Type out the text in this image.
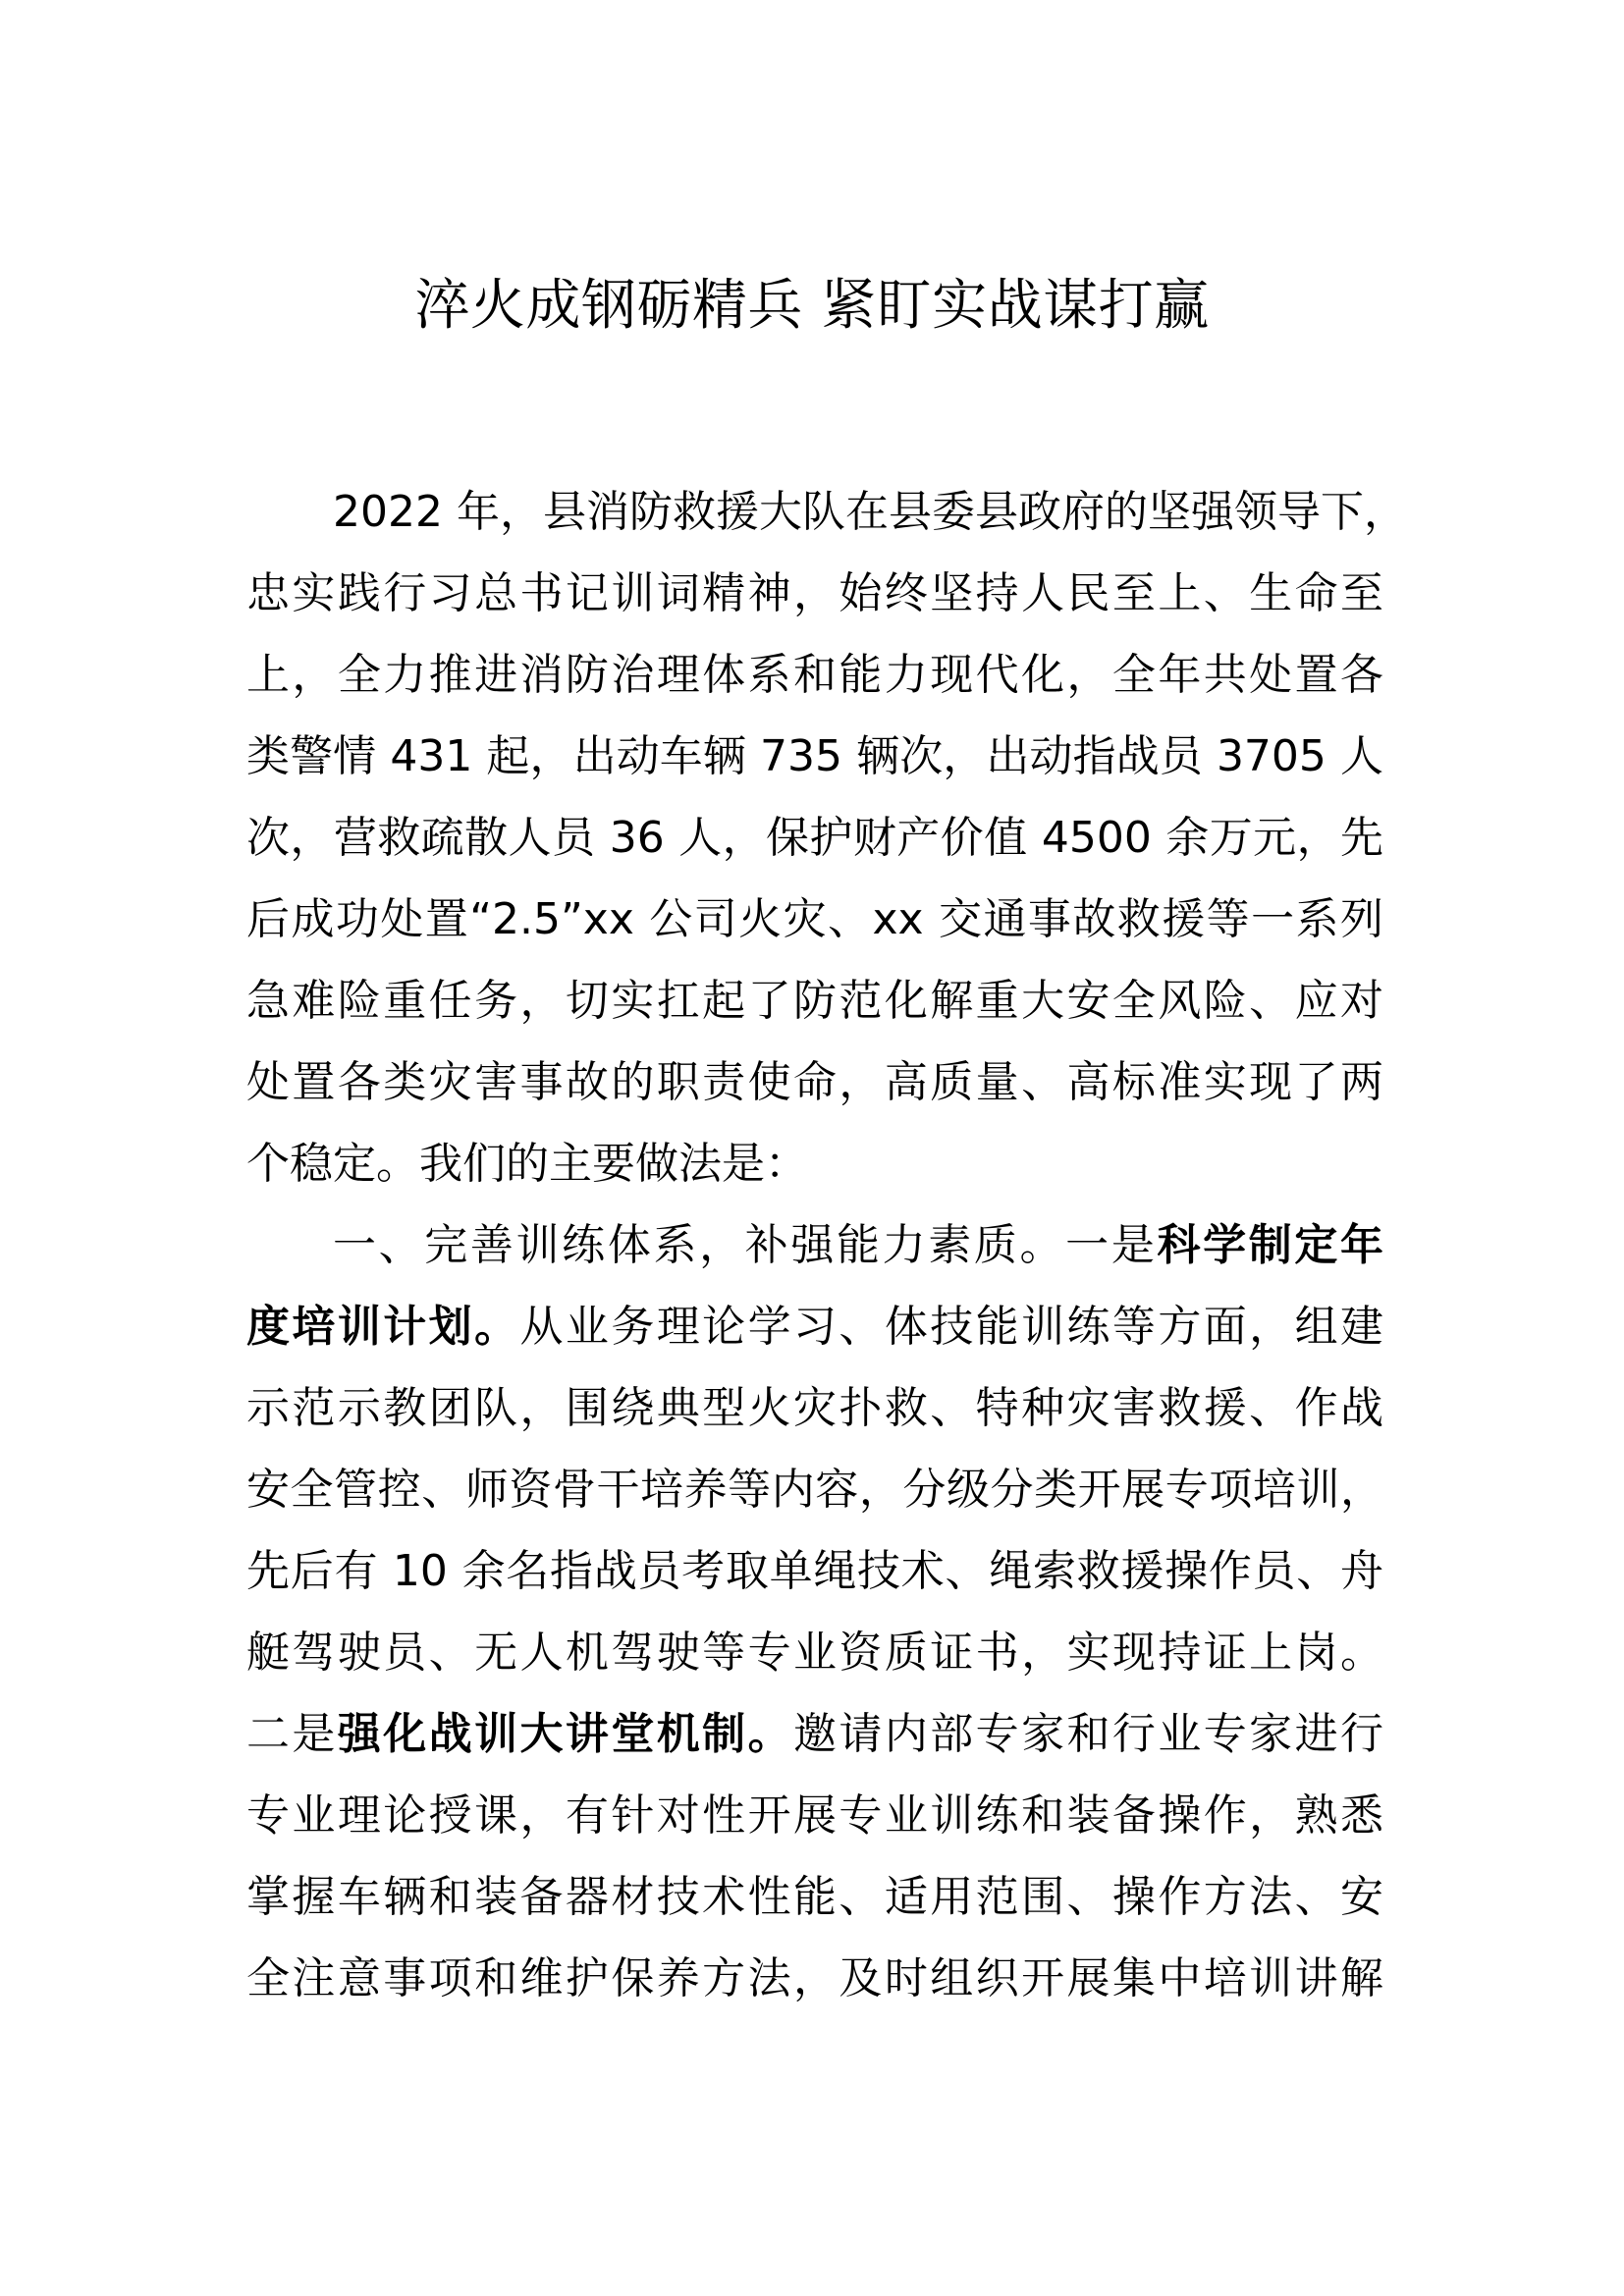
淬火成钢砺精兵 紧盯实战谋打赢
2022 年，县消防救援大队在县委县政府的坚强领导下，
忠实践行习总书记训词精神，始终坚持人民至上、生命至
上，全力推进消防治理体系和能力现代化，全年共处置各
类警情 431 起，出动车辆 735 辆次，出动指战员 3705 人
次，营救疏散人员 36 人，保护财产价值 4500 余万元，先
后成功处置“2.5”xx 公司火灾、xx 交通事故救援等一系列
急难险重任务，切实扛起了防范化解重大安全风险、应对
处置各类灾害事故的职责使命，高质量、高标准实现了两
个稳定。我们的主要做法是：
一、完善训练体系，补强能力素质。一是科学制定年
度培训计划。从业务理论学习、体技能训练等方面，组建
示范示教团队，围绕典型火灾扑救、特种灾害救援、作战
安全管控、师资骨干培养等内容，分级分类开展专项培训，
先后有 10 余名指战员考取单绳技术、绳索救援操作员、舟
艇驾驶员、无人机驾驶等专业资质证书，实现持证上岗。
二是强化战训大讲堂机制。邀请内部专家和行业专家进行
专业理论授课，有针对性开展专业训练和装备操作，熟悉
掌握车辆和装备器材技术性能、适用范围、操作方法、安
全注意事项和维护保养方法，及时组织开展集中培训讲解
